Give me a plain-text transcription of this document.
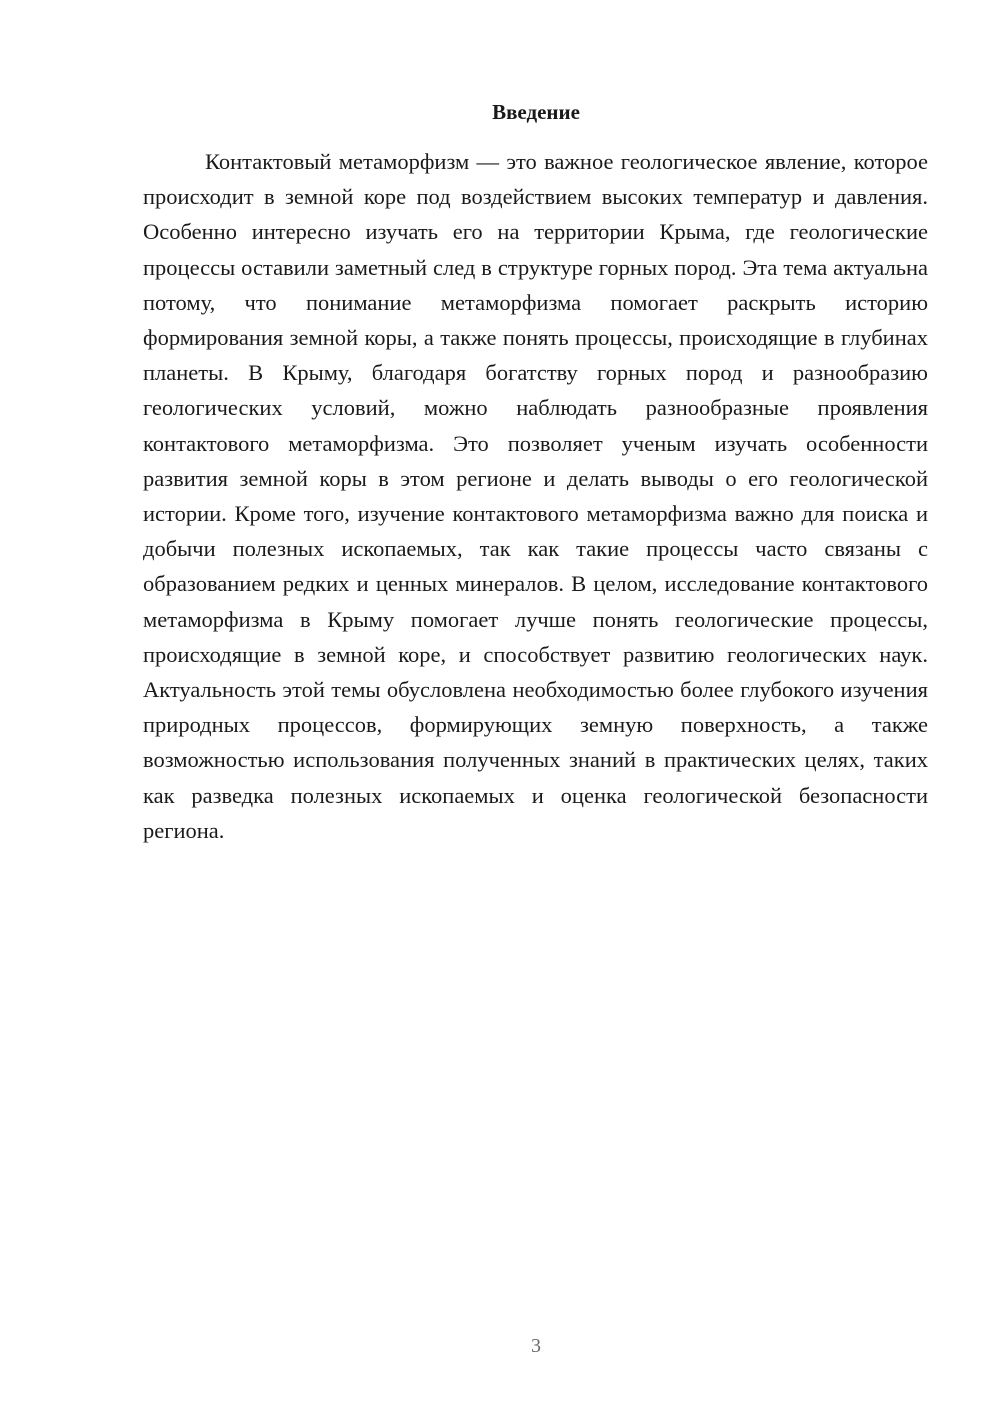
Введение

Контактовый метаморфизм — это важное геологическое явление, которое происходит в земной коре под воздействием высоких температур и давления. Особенно интересно изучать его на территории Крыма, где геологические процессы оставили заметный след в структуре горных пород. Эта тема актуальна потому, что понимание метаморфизма помогает раскрыть историю формирования земной коры, а также понять процессы, происходящие в глубинах планеты. В Крыму, благодаря богатству горных пород и разнообразию геологических условий, можно наблюдать разнообразные проявления контактового метаморфизма. Это позволяет ученым изучать особенности развития земной коры в этом регионе и делать выводы о его геологической истории. Кроме того, изучение контактового метаморфизма важно для поиска и добычи полезных ископаемых, так как такие процессы часто связаны с образованием редких и ценных минералов. В целом, исследование контактового метаморфизма в Крыму помогает лучше понять геологические процессы, происходящие в земной коре, и способствует развитию геологических наук. Актуальность этой темы обусловлена необходимостью более глубокого изучения природных процессов, формирующих земную поверхность, а также возможностью использования полученных знаний в практических целях, таких как разведка полезных ископаемых и оценка геологической безопасности региона.

3
